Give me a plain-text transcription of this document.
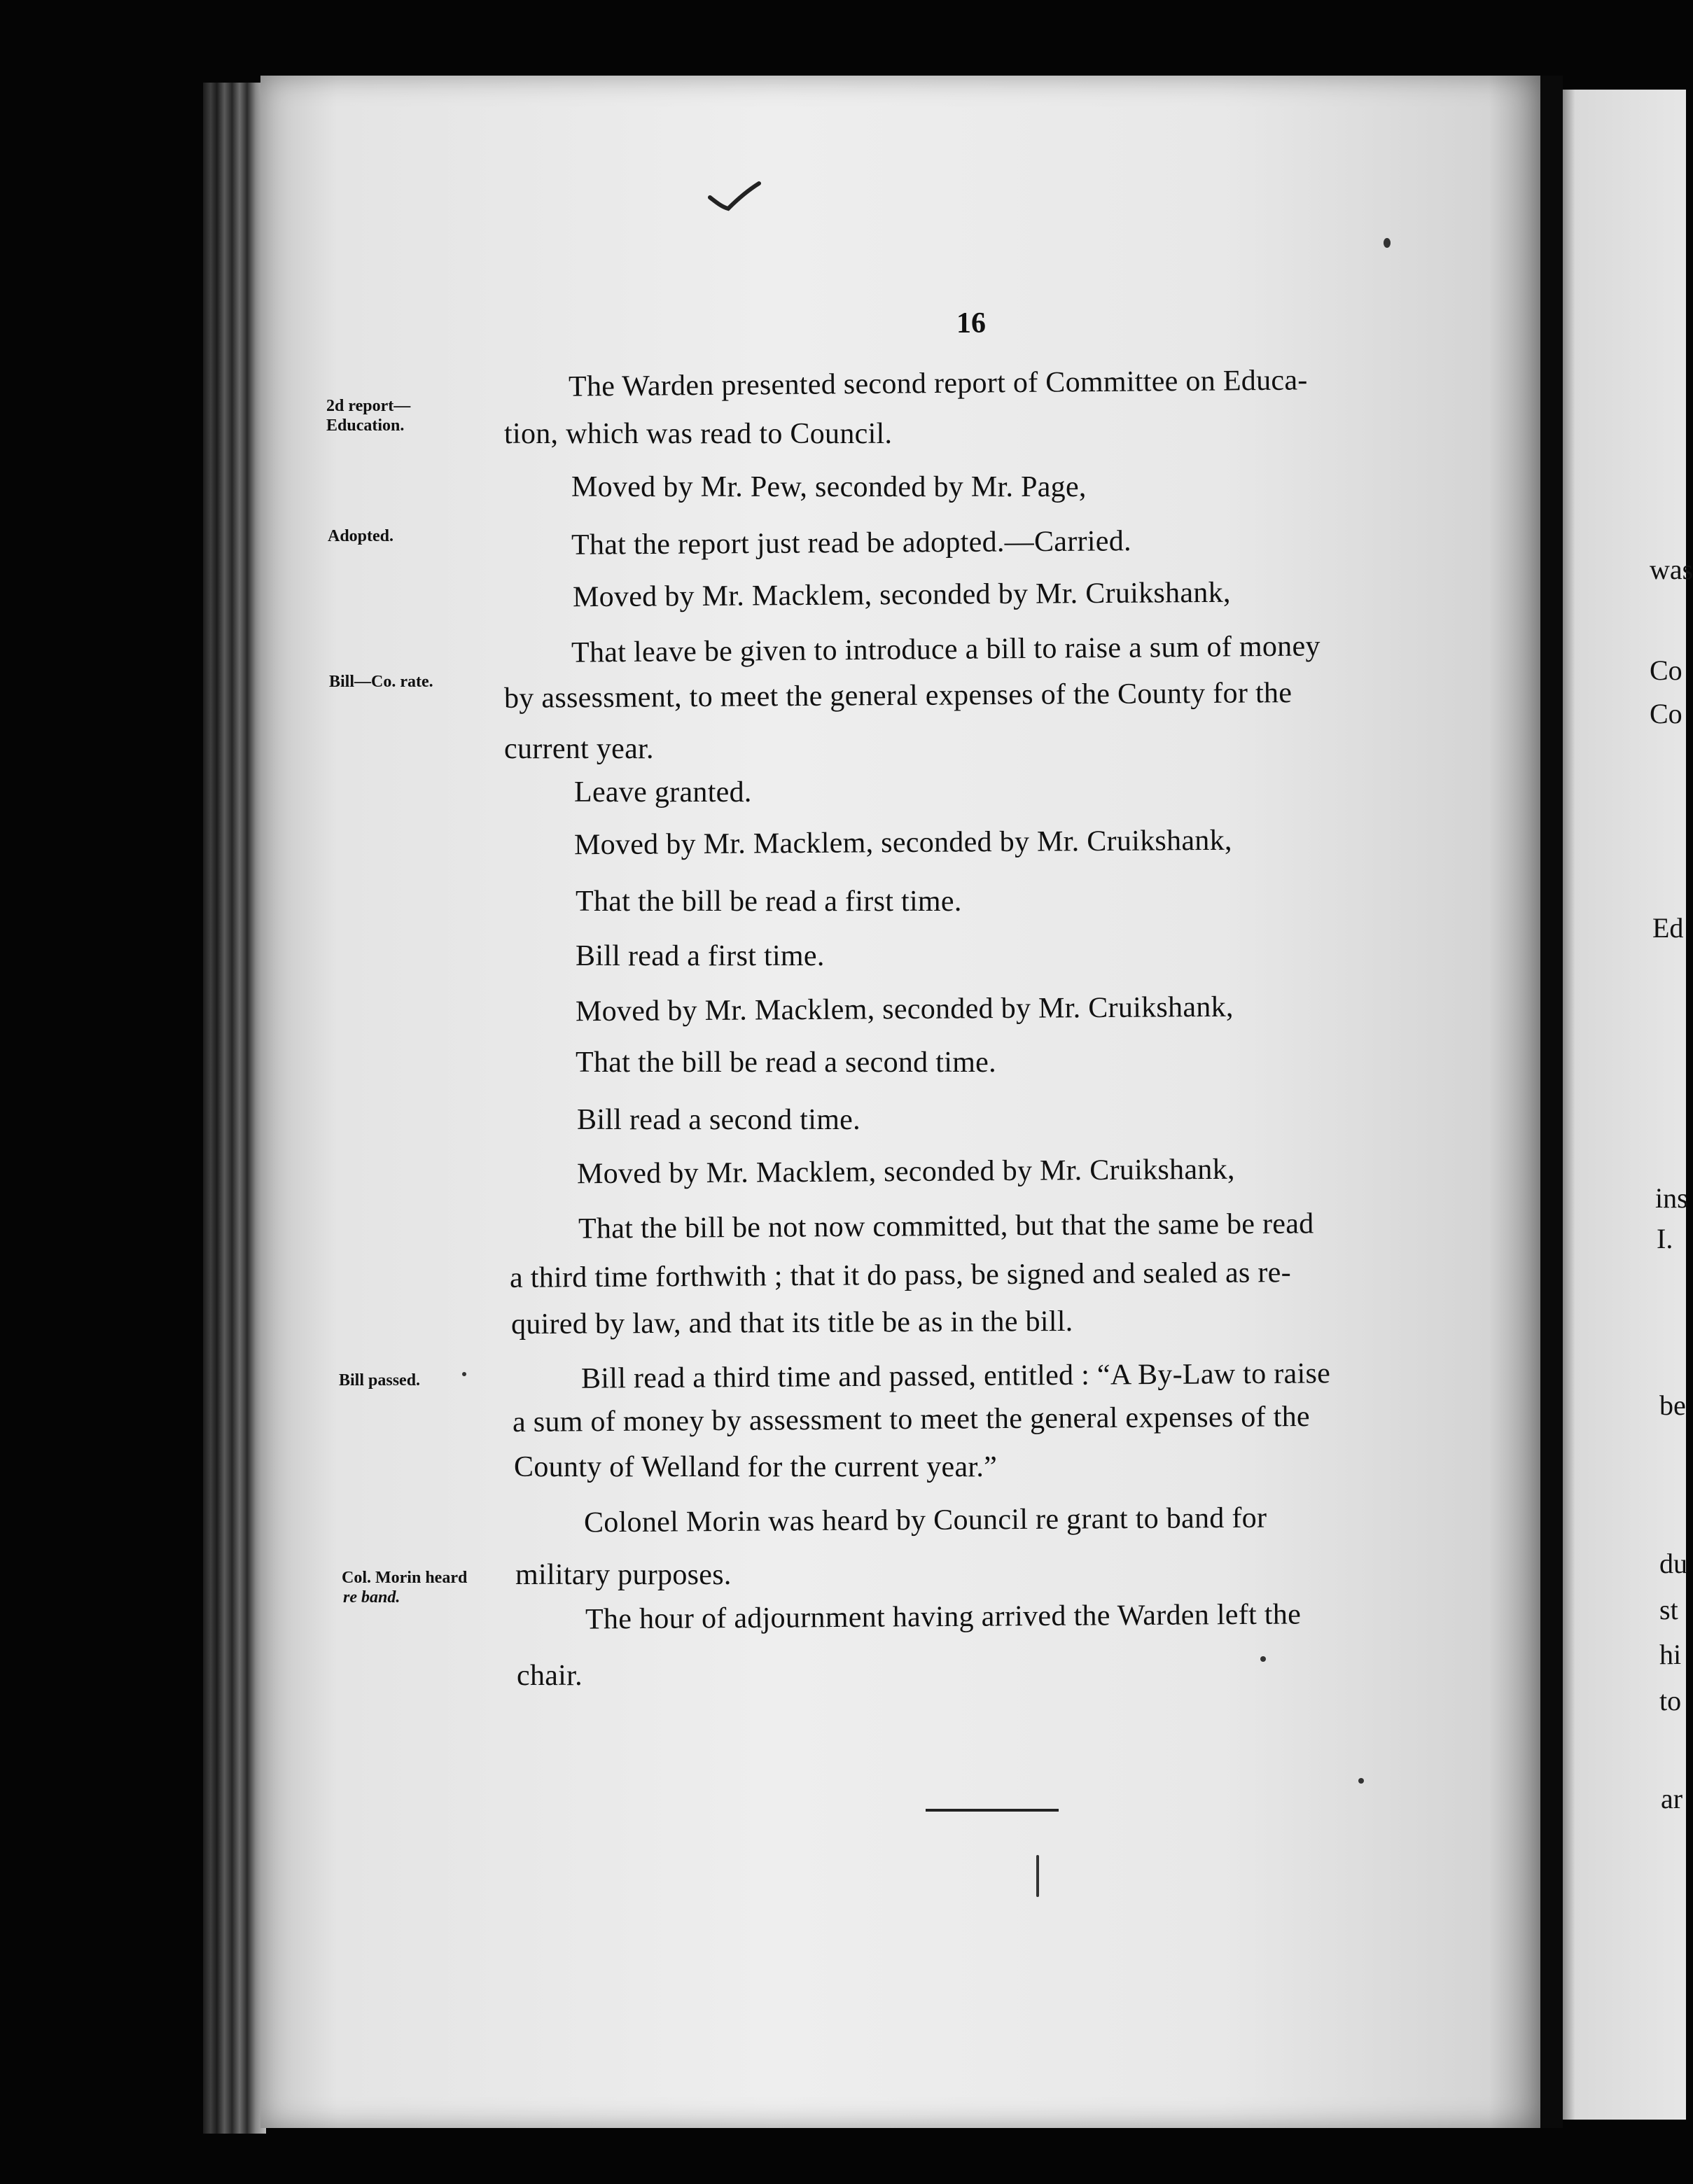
16
2d report—
Education.
Adopted.
Bill—Co. rate.
Bill passed.
Col. Morin heard
re band.
The Warden presented second report of Committee on Educa-
tion, which was read to Council.
Moved by Mr. Pew, seconded by Mr. Page,
That the report just read be adopted.—Carried.
Moved by Mr. Macklem, seconded by Mr. Cruikshank,
That leave be given to introduce a bill to raise a sum of money
by assessment, to meet the general expenses of the County for the
current year.
Leave granted.
Moved by Mr. Macklem, seconded by Mr. Cruikshank,
That the bill be read a first time.
Bill read a first time.
Moved by Mr. Macklem, seconded by Mr. Cruikshank,
That the bill be read a second time.
Bill read a second time.
Moved by Mr. Macklem, seconded by Mr. Cruikshank,
That the bill be not now committed, but that the same be read
a third time forthwith ; that it do pass, be signed and sealed as re-
quired by law, and that its title be as in the bill.
Bill read a third time and passed, entitled : “A By-Law to raise
a sum of money by assessment to meet the general expenses of the
County of Welland for the current year.”
Colonel Morin was heard by Council re grant to band for
military purposes.
The hour of adjournment having arrived the Warden left the
chair.
was
Co
Co
Ed
ins
I.
be
du
st
hi
to
ar
